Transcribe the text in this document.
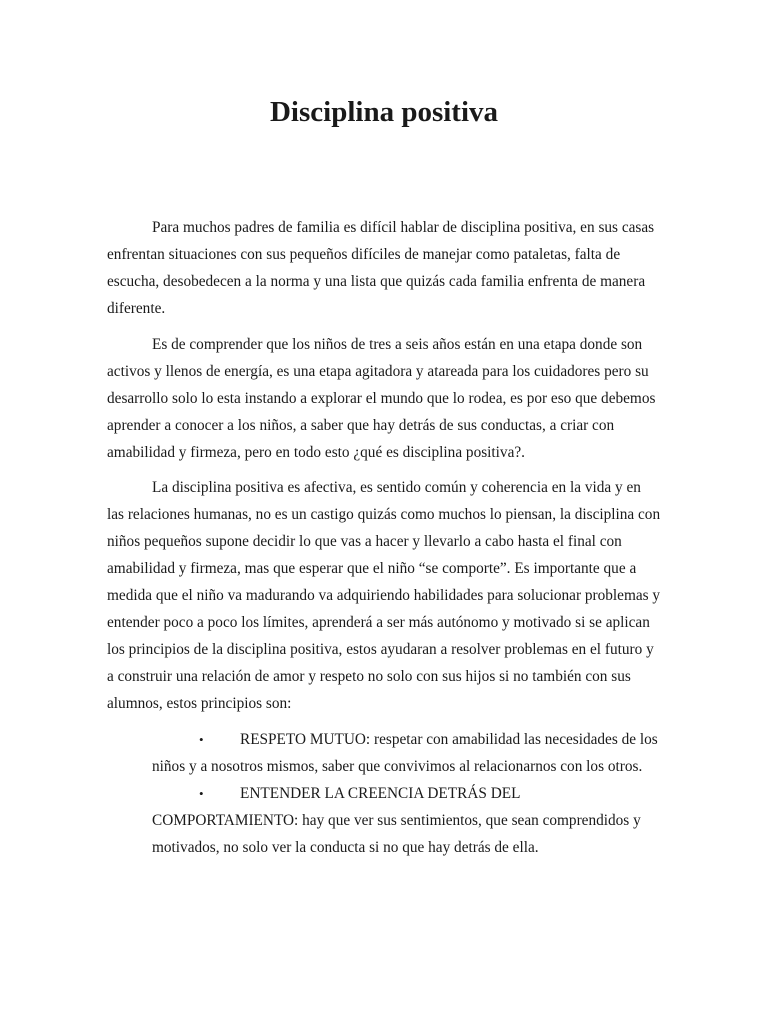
Disciplina positiva

Para muchos padres de familia es difícil hablar de disciplina positiva, en sus casas enfrentan situaciones con sus pequeños difíciles de manejar como pataletas, falta de escucha, desobedecen a la norma y una lista que quizás cada familia enfrenta de manera diferente.

Es de comprender que los niños de tres a seis años están en una etapa donde son activos y llenos de energía, es una etapa agitadora y atareada para los cuidadores pero su desarrollo solo lo esta instando a explorar el mundo que lo rodea, es por eso que debemos aprender a conocer a los niños, a saber que hay detrás de sus conductas, a criar con amabilidad y firmeza, pero en todo esto ¿qué es disciplina positiva?.

La disciplina positiva es afectiva, es sentido común y coherencia en la vida y en las relaciones humanas, no es un castigo quizás como muchos lo piensan, la disciplina con niños pequeños supone decidir lo que vas a hacer y llevarlo a cabo hasta el final con amabilidad y firmeza, mas que esperar que el niño “se comporte”. Es importante que a medida que el niño va madurando va adquiriendo habilidades para solucionar problemas y entender poco a poco los límites, aprenderá a ser más autónomo y motivado si se aplican los principios de la disciplina positiva, estos ayudaran a resolver problemas en el futuro y a construir una relación de amor y respeto no solo con sus hijos si no también con sus alumnos, estos principios son:

• RESPETO MUTUO: respetar con amabilidad las necesidades de los niños y a nosotros mismos, saber que convivimos al relacionarnos con los otros.
• ENTENDER LA CREENCIA DETRÁS DEL COMPORTAMIENTO: hay que ver sus sentimientos, que sean comprendidos y motivados, no solo ver la conducta si no que hay detrás de ella.
